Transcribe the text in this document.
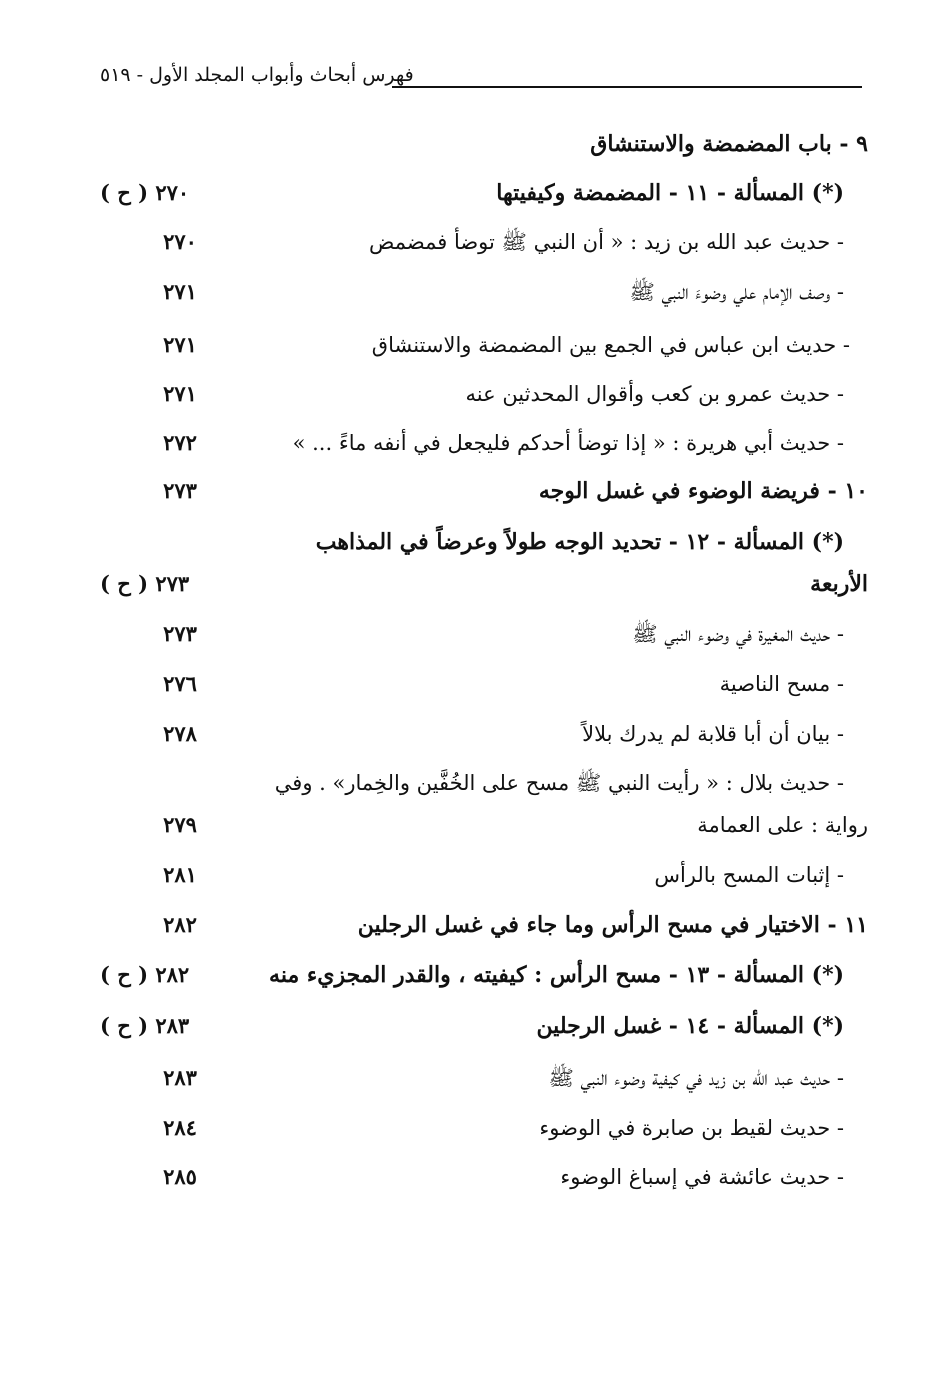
فهرس أبحاث وأبواب المجلد الأول - ٥١٩
٩ - باب المضمضة والاستنشاق
(*) المسألة - ١١ - المضمضة وكيفيتها
٢٧٠ ( ح )
- حديث عبد الله بن زيد : « أن النبي ﷺ توضأ فمضمض
٢٧٠
- وصف الإمام علي وضوءَ النبي ﷺ
٢٧١
- حديث ابن عباس في الجمع بين المضمضة والاستنشاق
٢٧١
- حديث عمرو بن كعب وأقوال المحدثين عنه
٢٧١
- حديث أبي هريرة : « إذا توضأ أحدكم فليجعل في أنفه ماءً ... »
٢٧٢
١٠ - فريضة الوضوء في غسل الوجه
٢٧٣
(*) المسألة - ١٢ - تحديد الوجه طولاً وعرضاً في المذاهب
الأربعة
٢٧٣ ( ح )
- حديث المغيرة في وضوء النبي ﷺ
٢٧٣
- مسح الناصية
٢٧٦
- بيان أن أبا قلابة لم يدرك بلالاً
٢٧٨
- حديث بلال : « رأيت النبي ﷺ مسح على الخُفَّين والخِمار» . وفي
رواية : على العمامة
٢٧٩
- إثبات المسح بالرأس
٢٨١
١١ - الاختيار في مسح الرأس وما جاء في غسل الرجلين
٢٨٢
(*) المسألة - ١٣ - مسح الرأس : كيفيته ، والقدر المجزيء منه
٢٨٢ ( ح )
(*) المسألة - ١٤ - غسل الرجلين
٢٨٣ ( ح )
- حديث عبد الله بن زيد في كيفية وضوء النبي ﷺ
٢٨٣
- حديث لقيط بن صابرة في الوضوء
٢٨٤
- حديث عائشة في إسباغ الوضوء
٢٨٥
